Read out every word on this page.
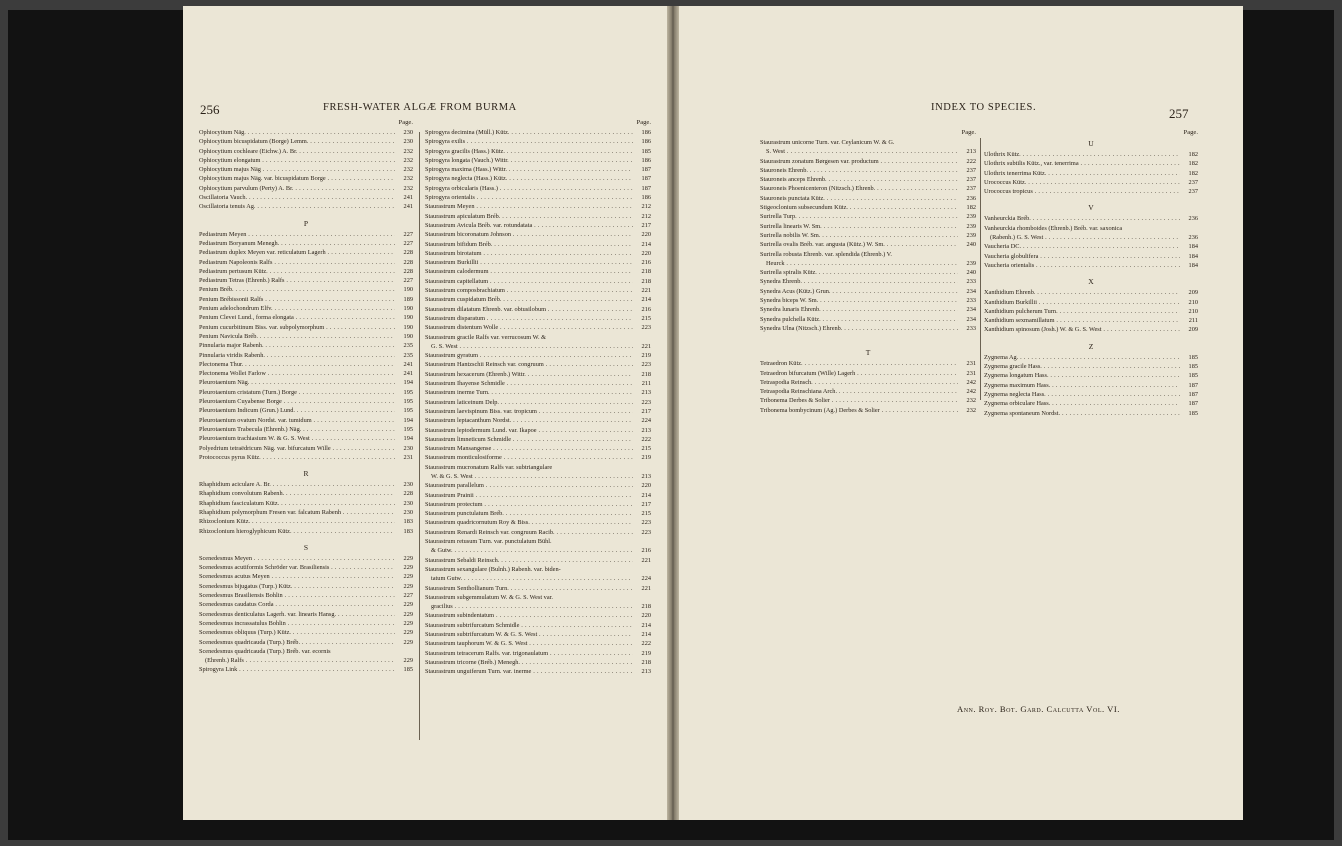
256	FRESH-WATER ALGÆ FROM BURMA
Page.
Ophiocytium Näg. . . .	230
Ophiocytium bicuspidatum (Borge) Lemm. . . .	230
Ophiocytium cochleare (Eichw.) A. Br. . . .	232
Ophiocytium elongatum . . .	232
Ophiocytium majus Näg . . .	232
Ophiocytium majus Näg. var. bicuspidatum Borge . . .	232
Ophiocytium parvulum (Perty) A. Br. . . .	232
Oscillatoria Vauch. . . .	241
Oscillatoria tenuis Ag. . . .	241
P
Pediastrum Meyen . . .	227
Pediastrum Boryanum Menegh. . . .	227
Pediastrum duplex Meyen var. reticulatum Lagerh . . .	228
Pediastrum Napoleonis Ralfs . . .	228
Pediastrum pertusum Kütz. . . .	228
Pediastrum Tetras (Ehrenb.) Ralfs . . .	227
Penium Bréb. . . .	190
Penium Brébissonii Ralfs . . .	189
Penium adelochondrum Elfv. . . .	190
Penium Clevei Lund., forma elongata . . .	190
Penium cucurbitinum Biss. var. subpolymorphum . . .	190
Penium Navicula Bréb. . . .	190
Pinnularia major Rabenh. . . .	235
Pinnularia viridis Rabenh. . . .	235
Plectonema Thur. . . .	241
Plectonema Wollei Farlow . . .	241
Pleurotaenium Näg. . . .	194
Pleurotaenium cristatum (Turn.) Borge . . .	195
Pleurotaenium Cuyabense Borge . . .	195
Pleurotaenium Indicum (Grun.) Lund. . . .	195
Pleurotaenium ovatum Nordst. var. tumidum . . .	194
Pleurotaenium Trabecula (Ehrenb.) Näg. . . .	195
Pleurotaenium trachiasium W. & G. S. West . . .	194
Polyedrium tetraëdricum Näg. var. bifurcatum Wille . . .	230
Protococcus pyrus Kütz. . . .	231
R
Rhaphidium aciculare A. Br. . . .	230
Rhaphidium convolutum Rabenh. . . .	228
Rhaphidium fasciculatum Kütz. . . .	230
Rhaphidium polymorphum Fresen var. falcatum Rabenh . . .	230
Rhizoclonium Kütz. . . .	183
Rhizoclonium hieroglyphicum Kütz. . . .	183
S
Scenedesmus Meyen . . .	229
Scenedesmus acutiformis Schröder var. Brasiliensis . . .	229
Scenedesmus acutus Meyen . . .	229
Scenedesmus bijugatus (Turp.) Kütz. . . .	229
Scenedesmus Brasiliensis Bohlin . . .	227
Scenedesmus caudatus Corda . . .	229
Scenedesmus denticulatus Lagerh. var. linearis Hansg. . . .	229
Scenedesmus incrassatulus Bohlin . . .	229
Scenedesmus obliquus (Turp.) Kütz. . . .	229
Scenedesmus quadricauda (Turp.) Bréb. . . .	229
Scenedesmus quadricauda (Turp.) Bréb. var. ecornis
(Ehrenb.) Ralfs . . .	229
Spirogyra Link . . .	185
Page.
Spirogyra decimina (Müll.) Kütz. . . .	186
Spirogyra exilis . . .	186
Spirogyra gracilis (Hass.) Kütz. . . .	185
Spirogyra longata (Vauch.) Wittr. . . .	186
Spirogyra maxima (Hass.) Wittr. . . .	187
Spirogyra neglecta (Hass.) Kütz. . . .	187
Spirogyra orbicularis (Hass.) . . .	187
Spirogyra orientalis . . .	186
Staurastrum Meyen . . .	212
Staurastrum apiculatum Bréb. . . .	212
Staurastrum Avicula Bréb. var. rotundatata . . .	217
Staurastrum bicoronatum Johnson . . .	220
Staurastrum bifidum Bréb. . . .	214
Staurastrum birotatum . . .	220
Staurastrum Burkillii . . .	216
Staurastrum calodermum . . .	218
Staurastrum capitellatum . . .	218
Staurastrum composbrachiatum . . .	221
Staurastrum cuspidatum Bréb. . . .	214
Staurastrum dilatatum Ehrenb. var. obtusilobum . . .	216
Staurastrum disparatum . . .	215
Staurastrum distentum Wolle . . .	223
Staurastrum gracile Ralfs var. verrucosum W. &
G. S. West . . .	221
Staurastrum gyratum . . .	219
Staurastrum Hantzschii Reinsch var. congruum . . .	223
Staurastrum hexacerum (Ehrenb.) Wittr. . . .	218
Staurastrum Ihayense Schmidle . . .	211
Staurastrum inerme Turn. . . .	213
Staurastrum laticeinum Delp. . . .	223
Staurastrum laevispinum Biss. var. tropicum . . .	217
Staurastrum leptacanthum Nordst. . . .	224
Staurastrum leptodermum Lund. var. Ikapoe . . .	213
Staurastrum limneticum Schmidle . . .	222
Staurastrum Mansangense . . .	215
Staurastrum monticulosiforme . . .	219
Staurastrum mucronatum Ralfs var. subtriangulare
W. & G. S. West . . .	213
Staurastrum parallelum . . .	220
Staurastrum Prainii . . .	214
Staurastrum protectum . . .	217
Staurastrum punctulatum Bréb. . . .	215
Staurastrum quadricornutum Roy & Biss. . . .	223
Staurastrum Renardi Reinsch var. congruum Racib. . . .	223
Staurastrum retusum Turn. var. punctulatum Bühl.
& Gutw. . . .	216
Staurastrum Sebaldi Reinsch. . . .	221
Staurastrum sexangulare (Bulnh.) Rabenh. var. biden-
tatum Gutw. . . .	224
Staurastrum Senthollianum Turn. . . .	221
Staurastrum subgemmulatum W. & G. S. West var.
gracilius . . .	218
Staurastrum subindentatum . . .	220
Staurastrum subtrifurcatum Schmidle . . .	214
Staurastrum subtrifurcatum W. & G. S. West . . .	214
Staurastrum tauphorum W. & G. S. West . . .	222
Staurastrum tetracerum Ralfs. var. trigonaulatum . . .	219
Staurastrum tricorne (Bréb.) Menegh. . . .	218
Staurastrum unguiferum Turn. var. inerme . . .	213
INDEX TO SPECIES.	257
Page.
Staurastrum unicorne Turn. var. Ceylanicum W. & G.
S. West . . .	213
Staurastrum zonatum Børgesen var. productum . . .	222
Stauroneis Ehrenb. . . .	237
Stauroneis anceps Ehrenb. . . .	237
Stauroneis Phoenicenteron (Nitzsch.) Ehrenb. . . .	237
Stauroneis punctata Kütz. . . .	236
Stigeoclonium subsecundum Kütz. . . .	182
Surirella Turp. . . .	239
Surirella linearis W. Sm. . . .	239
Surirella nobilis W. Sm. . . .	239
Surirella ovalis Bréb. var. angusta (Kütz.) W. Sm. . . .	240
Surirella robusta Ehrenb. var. splendida (Ehrenb.) V.
Heurck . . .	239
Surirella spiralis Kütz. . . .	240
Synedra Ehrenb. . . .	233
Synedra Acus (Kütz.) Grun. . . .	234
Synedra biceps W. Sm. . . .	233
Synedra lunaris Ehrenb. . . .	234
Synedra pulchella Kütz. . . .	234
Synedra Ulna (Nitzsch.) Ehrenb. . . .	233
T
Tetraedron Kütz. . . .	231
Tetraedron bifurcatum (Wille) Lagerh . . .	231
Tetraspodia Reinsch. . . .	242
Tetraspodia Reinschiana Arch. . . .	242
Tribonema Derbes & Solier . . .	232
Tribonema bombycinum (Ag.) Derbes & Solier . . .	232
Page.
U
Ulothrix Kütz. . . .	182
Ulothrix subtilis Kütz., var. tenerrima . . .	182
Ulothrix tenerrima Kütz. . . .	182
Urococcus Kütz. . . .	237
Urococcus tropicus . . .	237
V
Vanheurckia Bréb. . . .	236
Vanheurckia rhomboides (Ehrenb.) Bréb. var. saxonica
(Rabenh.) G. S. West . . .	236
Vaucheria DC. . . .	184
Vaucheria globulifera . . .	184
Vaucheria orientalis . . .	184
X
Xanthidium Ehrenb. . . .	209
Xanthidium Burkillii . . .	210
Xanthidium pulcherum Turn. . . .	210
Xanthidium sexmamillatum . . .	211
Xanthidium spinosum (Josh.) W. & G. S. West . . .	209
Z
Zygnema Ag. . . .	185
Zygnema gracile Hass. . . .	185
Zygnema longatum Hass. . . .	185
Zygnema maximum Hass. . . .	187
Zygnema neglecta Hass. . . .	187
Zygnema orbiculare Hass. . . .	187
Zygnema spontaneum Nordst. . . .	185
Ann. Roy. Bot. Gard. Calcutta Vol. VI.
